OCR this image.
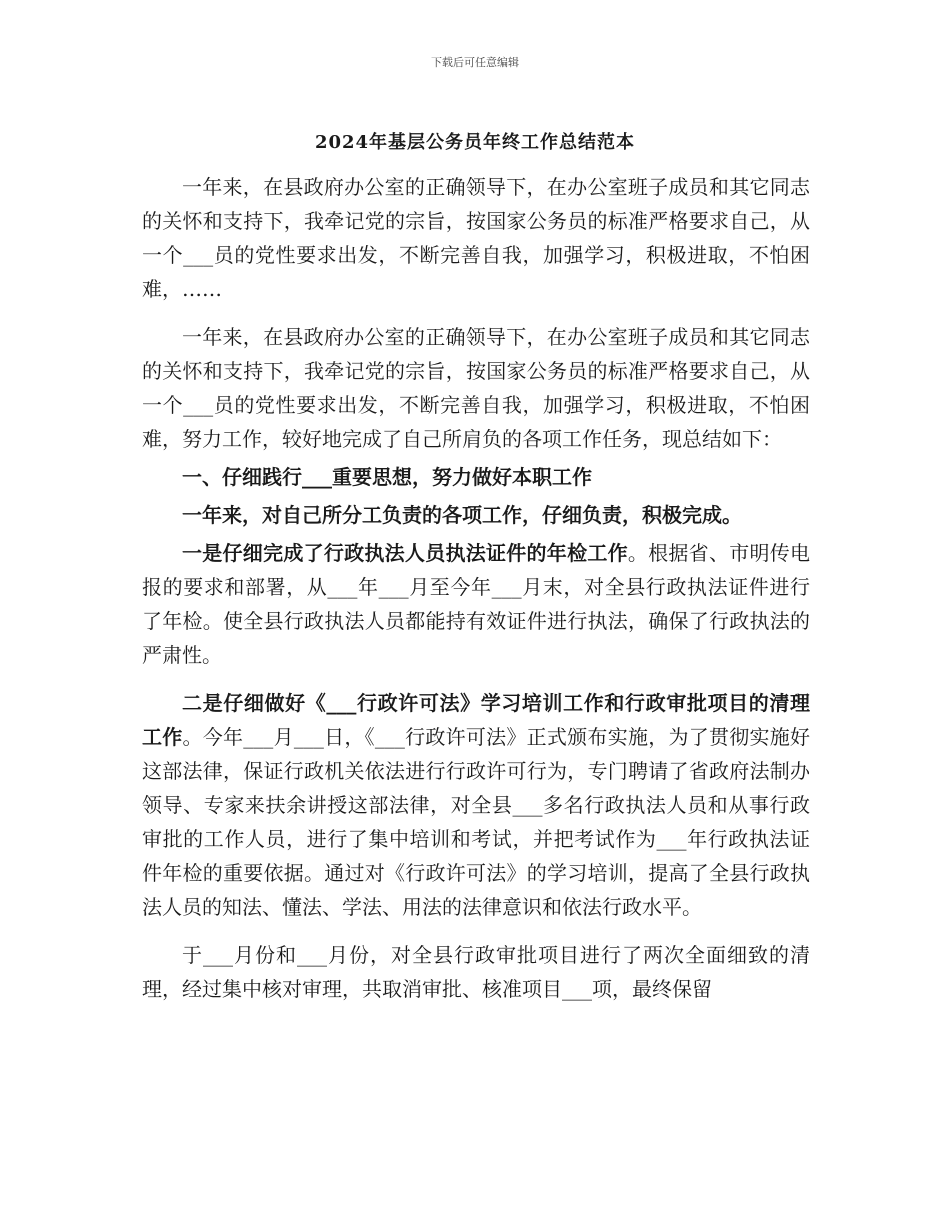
下载后可任意编辑
2024年基层公务员年终工作总结范本

一年来，在县政府办公室的正确领导下，在办公室班子成员和其它同志的关怀和支持下，我牵记党的宗旨，按国家公务员的标准严格要求自己，从一个___员的党性要求出发，不断完善自我，加强学习，积极进取，不怕困难，……

一年来，在县政府办公室的正确领导下，在办公室班子成员和其它同志的关怀和支持下，我牵记党的宗旨，按国家公务员的标准严格要求自己，从一个___员的党性要求出发，不断完善自我，加强学习，积极进取，不怕困难，努力工作，较好地完成了自己所肩负的各项工作任务，现总结如下：

一、仔细践行___重要思想，努力做好本职工作

一年来，对自己所分工负责的各项工作，仔细负责，积极完成。

一是仔细完成了行政执法人员执法证件的年检工作。根据省、市明传电报的要求和部署，从___年___月至今年___月末，对全县行政执法证件进行了年检。使全县行政执法人员都能持有效证件进行执法，确保了行政执法的严肃性。

二是仔细做好《___行政许可法》学习培训工作和行政审批项目的清理工作。今年___月___日，《___行政许可法》正式颁布实施，为了贯彻实施好这部法律，保证行政机关依法进行行政许可行为，专门聘请了省政府法制办领导、专家来扶余讲授这部法律，对全县___多名行政执法人员和从事行政审批的工作人员，进行了集中培训和考试，并把考试作为___年行政执法证件年检的重要依据。通过对《行政许可法》的学习培训，提高了全县行政执法人员的知法、懂法、学法、用法的法律意识和依法行政水平。

于___月份和___月份，对全县行政审批项目进行了两次全面细致的清理，经过集中核对审理，共取消审批、核准项目___项，最终保留
